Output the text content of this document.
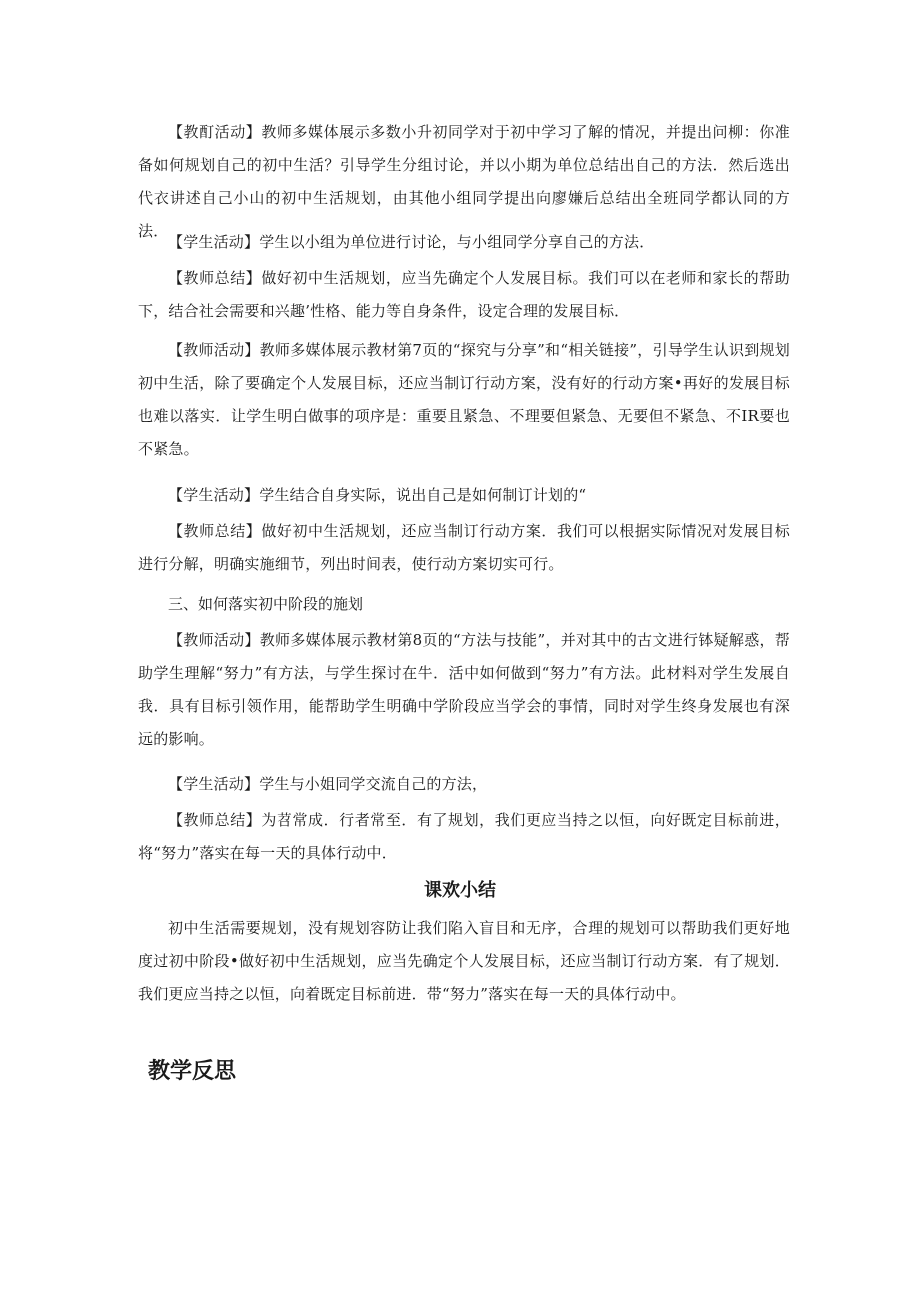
【教酊活动】教师多媒体展示多数小升初同学对于初中学习了解的情况，并提出问柳：你准备如何规划自己的初中生活？引导学生分组讨论，并以小期为单位总结出自己的方法．然后选出代衣讲述自己小山的初中生活规划，由其他小组同学提出向廖嫌后总结出全班同学都认同的方法．

【学生活动】学生以小组为单位进行讨论，与小组同学分享自己的方法．

【教师总结】做好初中生活规划，应当先确定个人发展目标。我们可以在老师和家长的帮助下，结合社会需要和兴趣’性格、能力等自身条件，设定合理的发展目标．

【教师活动】教师多媒体展示教材第7页的“探究与分享”和“相关链接”，引导学生认识到规划初中生活，除了要确定个人发展目标，还应当制订行动方案，没有好的行动方案•再好的发展目标也难以落实．让学生明白做事的项序是：重要且紧急、不理要但紧急、无要但不紧急、不IR要也不紧急。

【学生活动】学生结合自身实际，说出自己是如何制订计划的“

【教师总结】做好初中生活规划，还应当制订行动方案．我们可以根据实际情况对发展目标进行分解，明确实施细节，列出时间表，使行动方案切实可行。

三、如何落实初中阶段的施划

【教师活动】教师多媒体展示教材第8页的“方法与技能”，并对其中的古文进行钵疑解惑，帮助学生理解“努力”有方法，与学生探讨在牛．活中如何做到“努力”有方法。此材料对学生发展自我．具有目标引领作用，能帮助学生明确中学阶段应当学会的事情，同时对学生终身发展也有深远的影响。

【学生活动】学生与小姐同学交流自己的方法，

【教师总结】为苕常成．行者常至．有了规划，我们更应当持之以恒，向好既定目标前进，将“努力”落实在每一天的具体行动中．

课欢小结

初中生活需要规划，没有规划容防让我们陷入盲目和无序，合理的规划可以帮助我们更好地度过初中阶段•做好初中生活规划，应当先确定个人发展目标，还应当制订行动方案．有了规划．我们更应当持之以恒，向着既定目标前进．带“努力”落实在每一天的具体行动中。

教学反思
